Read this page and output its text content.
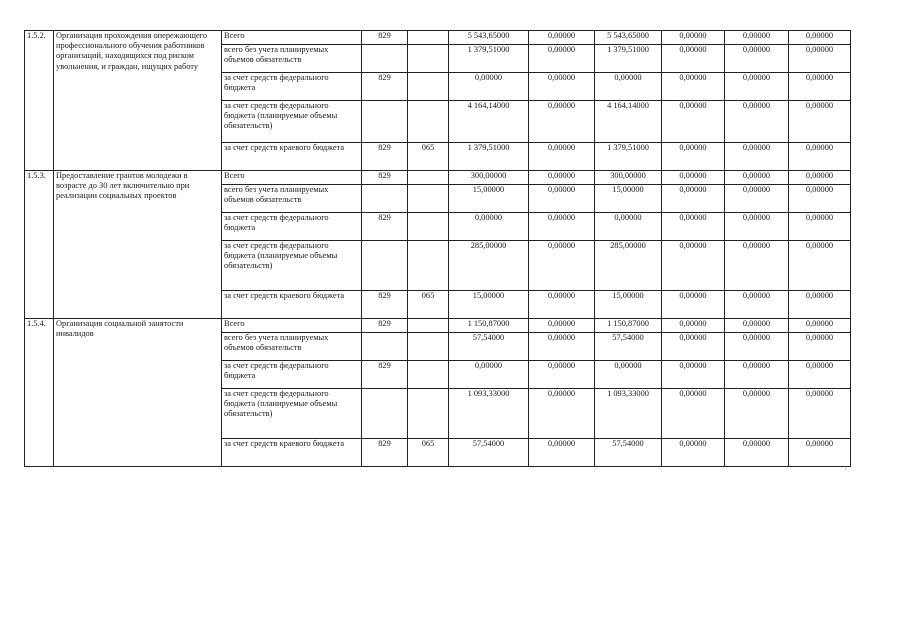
1.5.2.	Организация прохождения опережающего профессионального обучения работников организаций, находящихся под риском увольнения, и граждан, ищущих работу	Всего	829		5 543,65000	0,00000	5 543,65000	0,00000	0,00000	0,00000
		всего без учета планируемых объемов обязательств			1 379,51000	0,00000	1 379,51000	0,00000	0,00000	0,00000
		за счет средств федерального бюджета	829		0,00000	0,00000	0,00000	0,00000	0,00000	0,00000
		за счет средств федерального бюджета (планируемые объемы обязательств)			4 164,14000	0,00000	4 164,14000	0,00000	0,00000	0,00000
		за счет средств краевого бюджета	829	065	1 379,51000	0,00000	1 379,51000	0,00000	0,00000	0,00000
1.5.3.	Предоставление грантов молодежи в возрасте до 30 лет включительно при реализации социальных проектов	Всего	829		300,00000	0,00000	300,00000	0,00000	0,00000	0,00000
		всего без учета планируемых объемов обязательств			15,00000	0,00000	15,00000	0,00000	0,00000	0,00000
		за счет средств федерального бюджета	829		0,00000	0,00000	0,00000	0,00000	0,00000	0,00000
		за счет средств федерального бюджета (планируемые объемы обязательств)			285,00000	0,00000	285,00000	0,00000	0,00000	0,00000
		за счет средств краевого бюджета	829	065	15,00000	0,00000	15,00000	0,00000	0,00000	0,00000
1.5.4.	Организация социальной занятости инвалидов	Всего	829		1 150,87000	0,00000	1 150,87000	0,00000	0,00000	0,00000
		всего без учета планируемых объемов обязательств			57,54000	0,00000	57,54000	0,00000	0,00000	0,00000
		за счет средств федерального бюджета	829		0,00000	0,00000	0,00000	0,00000	0,00000	0,00000
		за счет средств федерального бюджета (планируемые объемы обязательств)			1 093,33000	0,00000	1 093,33000	0,00000	0,00000	0,00000
		за счет средств краевого бюджета	829	065	57,54000	0,00000	57,54000	0,00000	0,00000	0,00000
,
